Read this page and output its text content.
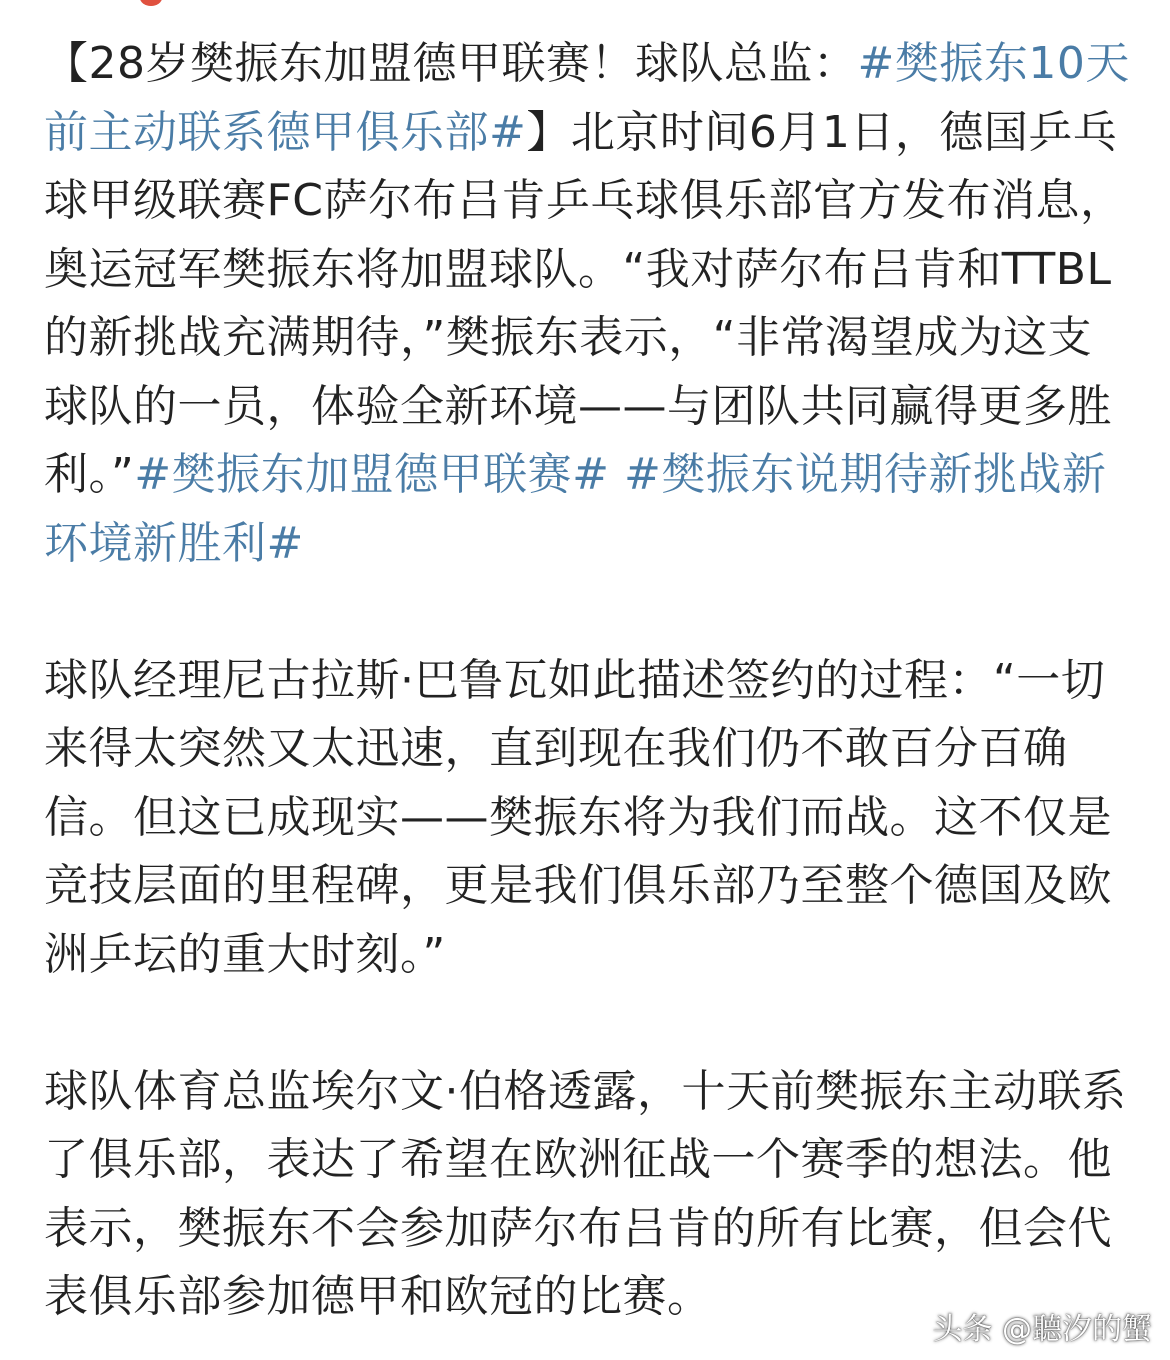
【28岁樊振东加盟德甲联赛！球队总监：#樊振东10天前主动联系德甲俱乐部#】北京时间6月1日，德国乒乓球甲级联赛FC萨尔布吕肯乒乓球俱乐部官方发布消息，奥运冠军樊振东将加盟球队。“我对萨尔布吕肯和TTBL的新挑战充满期待，”樊振东表示，“非常渴望成为这支球队的一员，体验全新环境——与团队共同赢得更多胜利。”#樊振东加盟德甲联赛# #樊振东说期待新挑战新环境新胜利#

球队经理尼古拉斯·巴鲁瓦如此描述签约的过程：“一切来得太突然又太迅速，直到现在我们仍不敢百分百确信。但这已成现实——樊振东将为我们而战。这不仅是竞技层面的里程碑，更是我们俱乐部乃至整个德国及欧洲乒坛的重大时刻。”

球队体育总监埃尔文·伯格透露，十天前樊振东主动联系了俱乐部，表达了希望在欧洲征战一个赛季的想法。他表示，樊振东不会参加萨尔布吕肯的所有比赛，但会代表俱乐部参加德甲和欧冠的比赛。

头条 @聽汐的蟹
